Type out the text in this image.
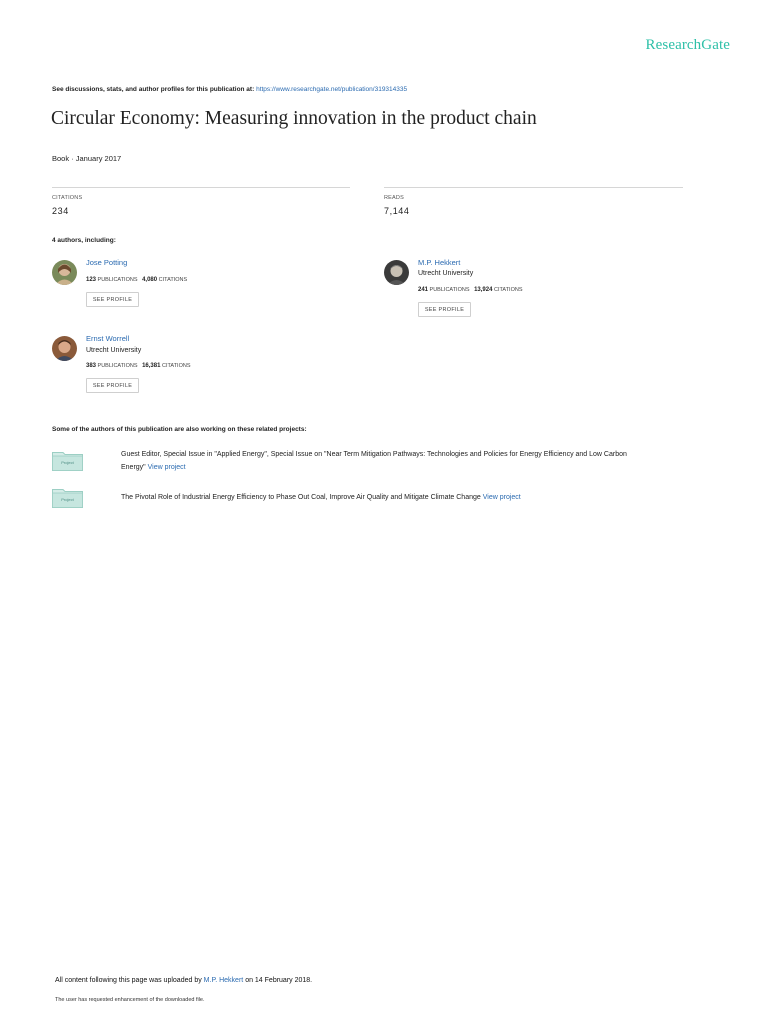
ResearchGate
See discussions, stats, and author profiles for this publication at: https://www.researchgate.net/publication/319314335
Circular Economy: Measuring innovation in the product chain
Book · January 2017
CITATIONS
234
READS
7,144
4 authors, including:
Jose Potting
123 PUBLICATIONS 4,080 CITATIONS
SEE PROFILE
M.P. Hekkert
Utrecht University
241 PUBLICATIONS 13,924 CITATIONS
SEE PROFILE
Ernst Worrell
Utrecht University
383 PUBLICATIONS 16,381 CITATIONS
SEE PROFILE
Some of the authors of this publication are also working on these related projects:
Project
Guest Editor, Special Issue in "Applied Energy", Special Issue on "Near Term Mitigation Pathways: Technologies and Policies for Energy Efficiency and Low Carbon
Energy" View project
Project	The Pivotal Role of Industrial Energy Efficiency to Phase Out Coal, Improve Air Quality and Mitigate Climate Change View project
All content following this page was uploaded by M.P. Hekkert on 14 February 2018.
The user has requested enhancement of the downloaded file.
